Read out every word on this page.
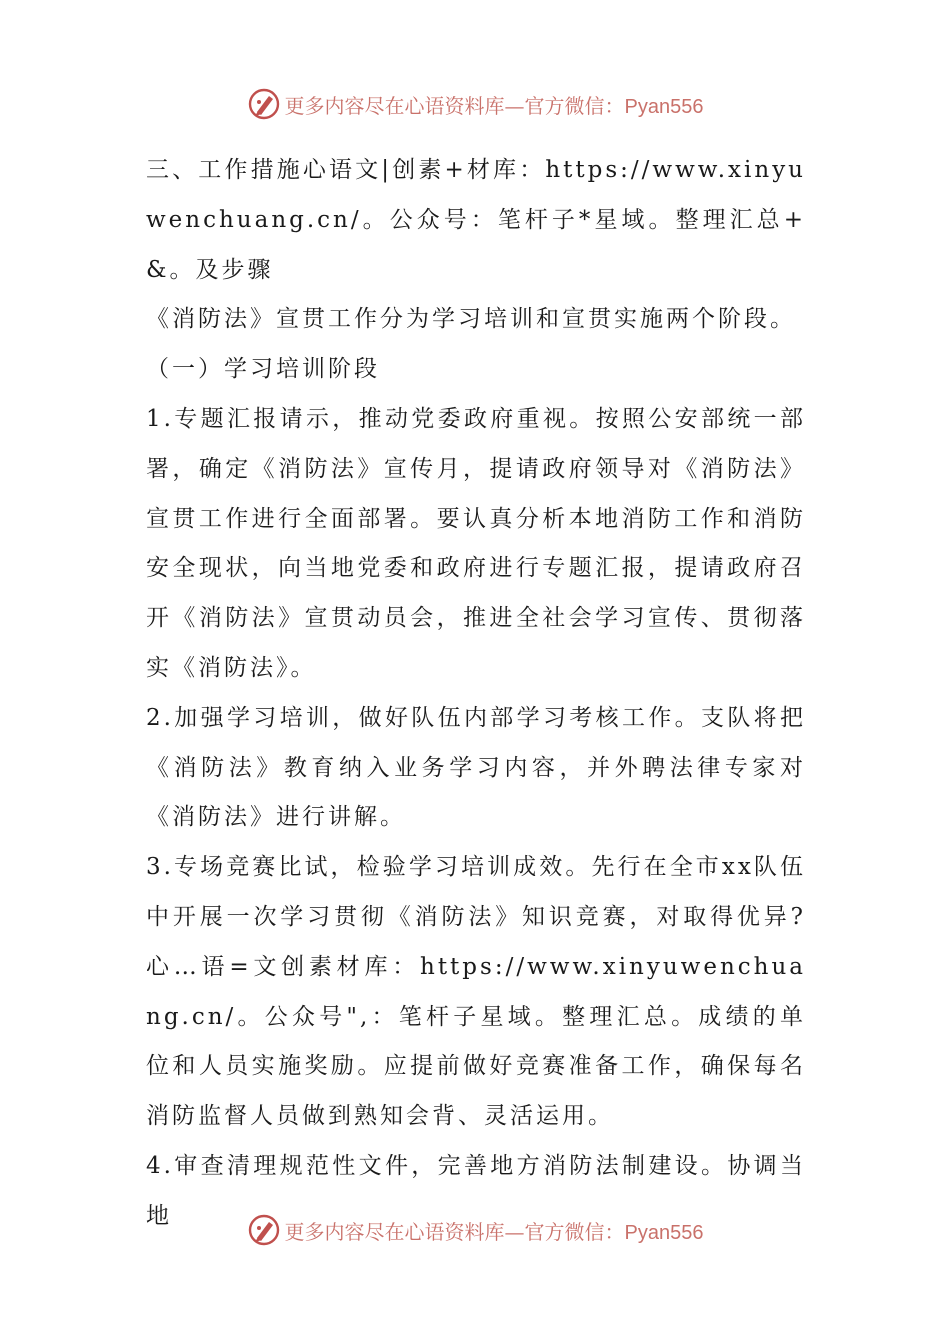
更多内容尽在心语资料库—官方微信：Pyan556

三、工作措施心语文|创素+材库：https://www.xinyuwenchuang.cn/。公众号：笔杆子*星域。整理汇总+&。及步骤

《消防法》宣贯工作分为学习培训和宣贯实施两个阶段。

（一）学习培训阶段

1.专题汇报请示，推动党委政府重视。按照公安部统一部署，确定《消防法》宣传月，提请政府领导对《消防法》宣贯工作进行全面部署。要认真分析本地消防工作和消防安全现状，向当地党委和政府进行专题汇报，提请政府召开《消防法》宣贯动员会，推进全社会学习宣传、贯彻落实《消防法》。

2.加强学习培训，做好队伍内部学习考核工作。支队将把《消防法》教育纳入业务学习内容，并外聘法律专家对《消防法》进行讲解。

3.专场竞赛比试，检验学习培训成效。先行在全市xx队伍中开展一次学习贯彻《消防法》知识竞赛，对取得优异?心…语=文创素材库：https://www.xinyuwenchuang.cn/。公众号",：笔杆子星域。整理汇总。成绩的单位和人员实施奖励。应提前做好竞赛准备工作，确保每名消防监督人员做到熟知会背、灵活运用。

4.审查清理规范性文件，完善地方消防法制建设。协调当地

更多内容尽在心语资料库—官方微信：Pyan556
